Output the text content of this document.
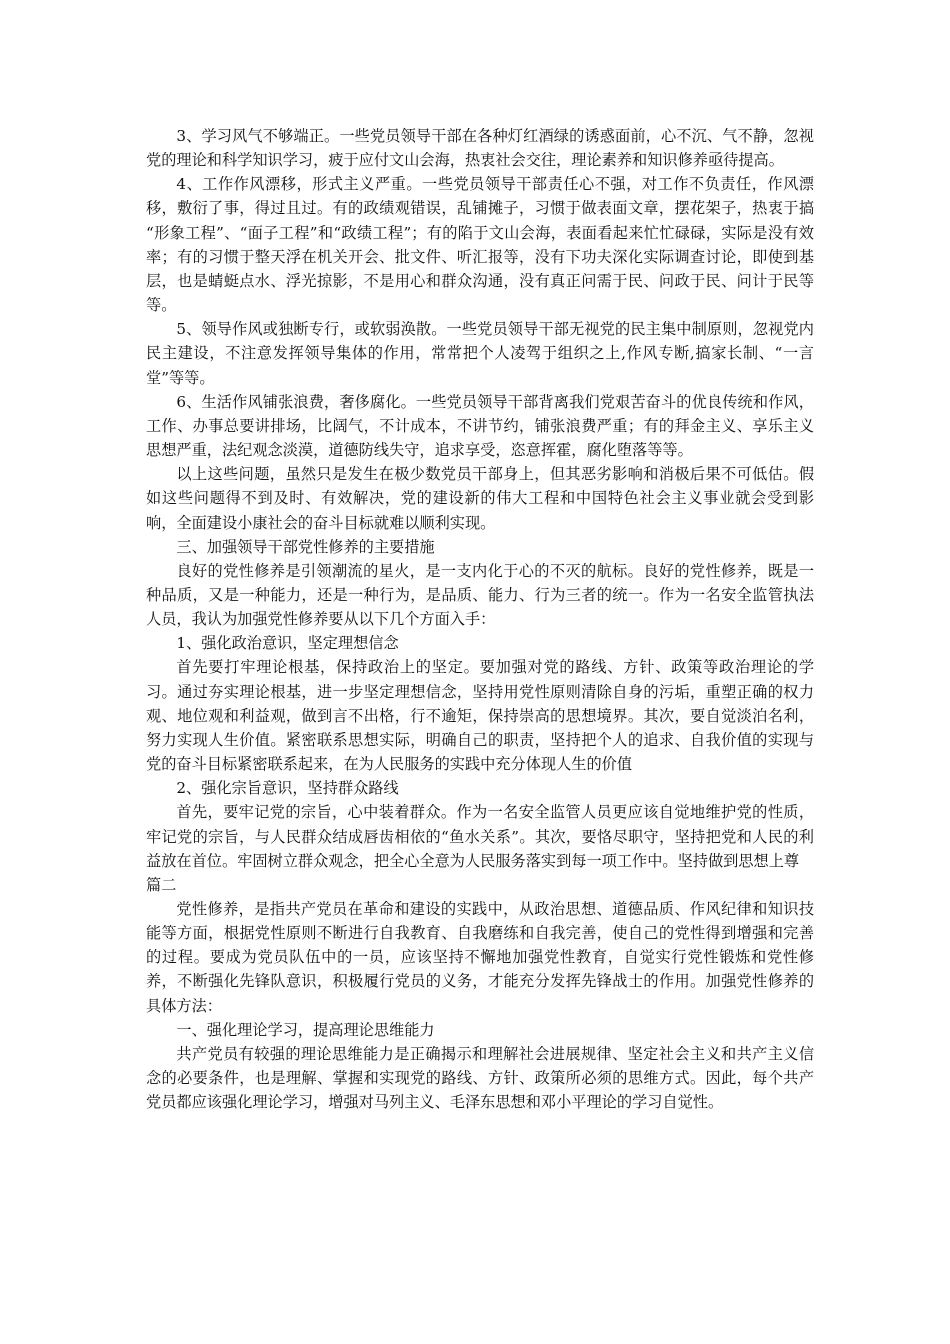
3、学习风气不够端正。一些党员领导干部在各种灯红酒绿的诱惑面前，心不沉、气不静，忽视党的理论和科学知识学习，疲于应付文山会海，热衷社会交往，理论素养和知识修养亟待提高。

4、工作作风漂移，形式主义严重。一些党员领导干部责任心不强，对工作不负责任，作风漂移，敷衍了事，得过且过。有的政绩观错误，乱铺摊子，习惯于做表面文章，摆花架子，热衷于搞 “形象工程”、“面子工程”和“政绩工程”；有的陷于文山会海，表面看起来忙忙碌碌，实际是没有效率；有的习惯于整天浮在机关开会、批文件、听汇报等，没有下功夫深化实际调查讨论，即使到基层，也是蜻蜓点水、浮光掠影，不是用心和群众沟通，没有真正问需于民、问政于民、问计于民等等。

5、领导作风或独断专行，或软弱涣散。一些党员领导干部无视党的民主集中制原则，忽视党内民主建设，不注意发挥领导集体的作用，常常把个人凌驾于组织之上,作风专断,搞家长制、“一言堂”等等。

6、生活作风铺张浪费，奢侈腐化。一些党员领导干部背离我们党艰苦奋斗的优良传统和作风，工作、办事总要讲排场，比阔气，不计成本，不讲节约，铺张浪费严重；有的拜金主义、享乐主义思想严重，法纪观念淡漠，道德防线失守，追求享受，恣意挥霍，腐化堕落等等。

以上这些问题，虽然只是发生在极少数党员干部身上，但其恶劣影响和消极后果不可低估。假如这些问题得不到及时、有效解决，党的建设新的伟大工程和中国特色社会主义事业就会受到影响，全面建设小康社会的奋斗目标就难以顺利实现。

三、加强领导干部党性修养的主要措施

良好的党性修养是引领潮流的星火，是一支内化于心的不灭的航标。良好的党性修养，既是一种品质，又是一种能力，还是一种行为，是品质、能力、行为三者的统一。作为一名安全监管执法人员，我认为加强党性修养要从以下几个方面入手：

1、强化政治意识，坚定理想信念

首先要打牢理论根基，保持政治上的坚定。要加强对党的路线、方针、政策等政治理论的学习。通过夯实理论根基，进一步坚定理想信念，坚持用党性原则清除自身的污垢，重塑正确的权力观、地位观和利益观，做到言不出格，行不逾矩，保持崇高的思想境界。其次，要自觉淡泊名利，努力实现人生价值。紧密联系思想实际，明确自己的职责，坚持把个人的追求、自我价值的实现与党的奋斗目标紧密联系起来，在为人民服务的实践中充分体现人生的价值

2、强化宗旨意识，坚持群众路线

首先，要牢记党的宗旨，心中装着群众。作为一名安全监管人员更应该自觉地维护党的性质，牢记党的宗旨，与人民群众结成唇齿相依的“鱼水关系”。其次，要恪尽职守，坚持把党和人民的利益放在首位。牢固树立群众观念，把全心全意为人民服务落实到每一项工作中。坚持做到思想上尊

篇二

党性修养，是指共产党员在革命和建设的实践中，从政治思想、道德品质、作风纪律和知识技能等方面，根据党性原则不断进行自我教育、自我磨练和自我完善，使自己的党性得到增强和完善的过程。要成为党员队伍中的一员，应该坚持不懈地加强党性教育，自觉实行党性锻炼和党性修养，不断强化先锋队意识，积极履行党员的义务，才能充分发挥先锋战士的作用。加强党性修养的具体方法：

一、强化理论学习，提高理论思维能力

共产党员有较强的理论思维能力是正确揭示和理解社会进展规律、坚定社会主义和共产主义信念的必要条件，也是理解、掌握和实现党的路线、方针、政策所必须的思维方式。因此，每个共产党员都应该强化理论学习，增强对马列主义、毛泽东思想和邓小平理论的学习自觉性。
